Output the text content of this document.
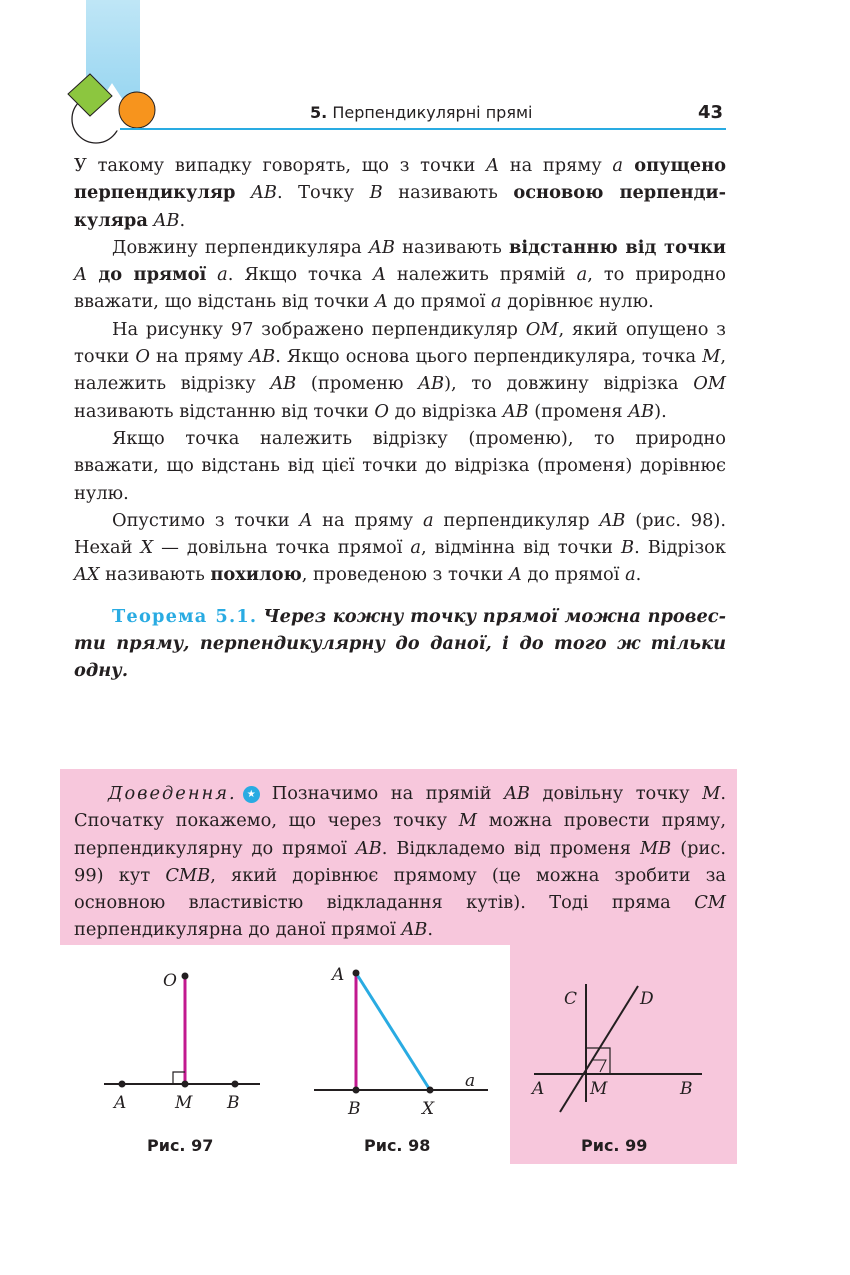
5. Перпендикулярні прямі	43

У такому випадку говорять, що з точки A на пряму a опущено перпендикуляр AB. Точку B називають основою перпендикуляра AB.

Довжину перпендикуляра AB називають відстанню від точки A до прямої a. Якщо точка A належить прямій a, то природно вважати, що відстань від точки A до прямої a дорівнює нулю.

На рисунку 97 зображено перпендикуляр OM, який опущено з точки O на пряму AB. Якщо основа цього перпендикуляра, точка M, належить відрізку AB (променю AB), то довжину відрізка OM називають відстанню від точки O до відрізка AB (променя AB).

Якщо точка належить відрізку (променю), то природно вважати, що відстань від цієї точки до відрізка (променя) дорівнює нулю.

Опустимо з точки A на пряму a перпендикуляр AB (рис. 98). Нехай X — довільна точка прямої a, відмінна від точки B. Відрізок AX називають похилою, проведеною з точки A до прямої a.

Теорема 5.1. Через кожну точку прямої можна провести пряму, перпендикулярну до даної, і до того ж тільки одну.

Доведення. ★ Позначимо на прямій AB довільну точку M. Спочатку покажемо, що через точку M можна провести пряму, перпендикулярну до прямої AB. Відкладемо від променя MB (рис. 99) кут CMB, який дорівнює прямому (це можна зробити за основною властивістю відкладання кутів). Тоді пряма CM перпендикулярна до даної прямої AB.
O
A	M B
Рис. 97
A
B	X
a
Рис. 98
C	D
A	M	B
Рис. 99
